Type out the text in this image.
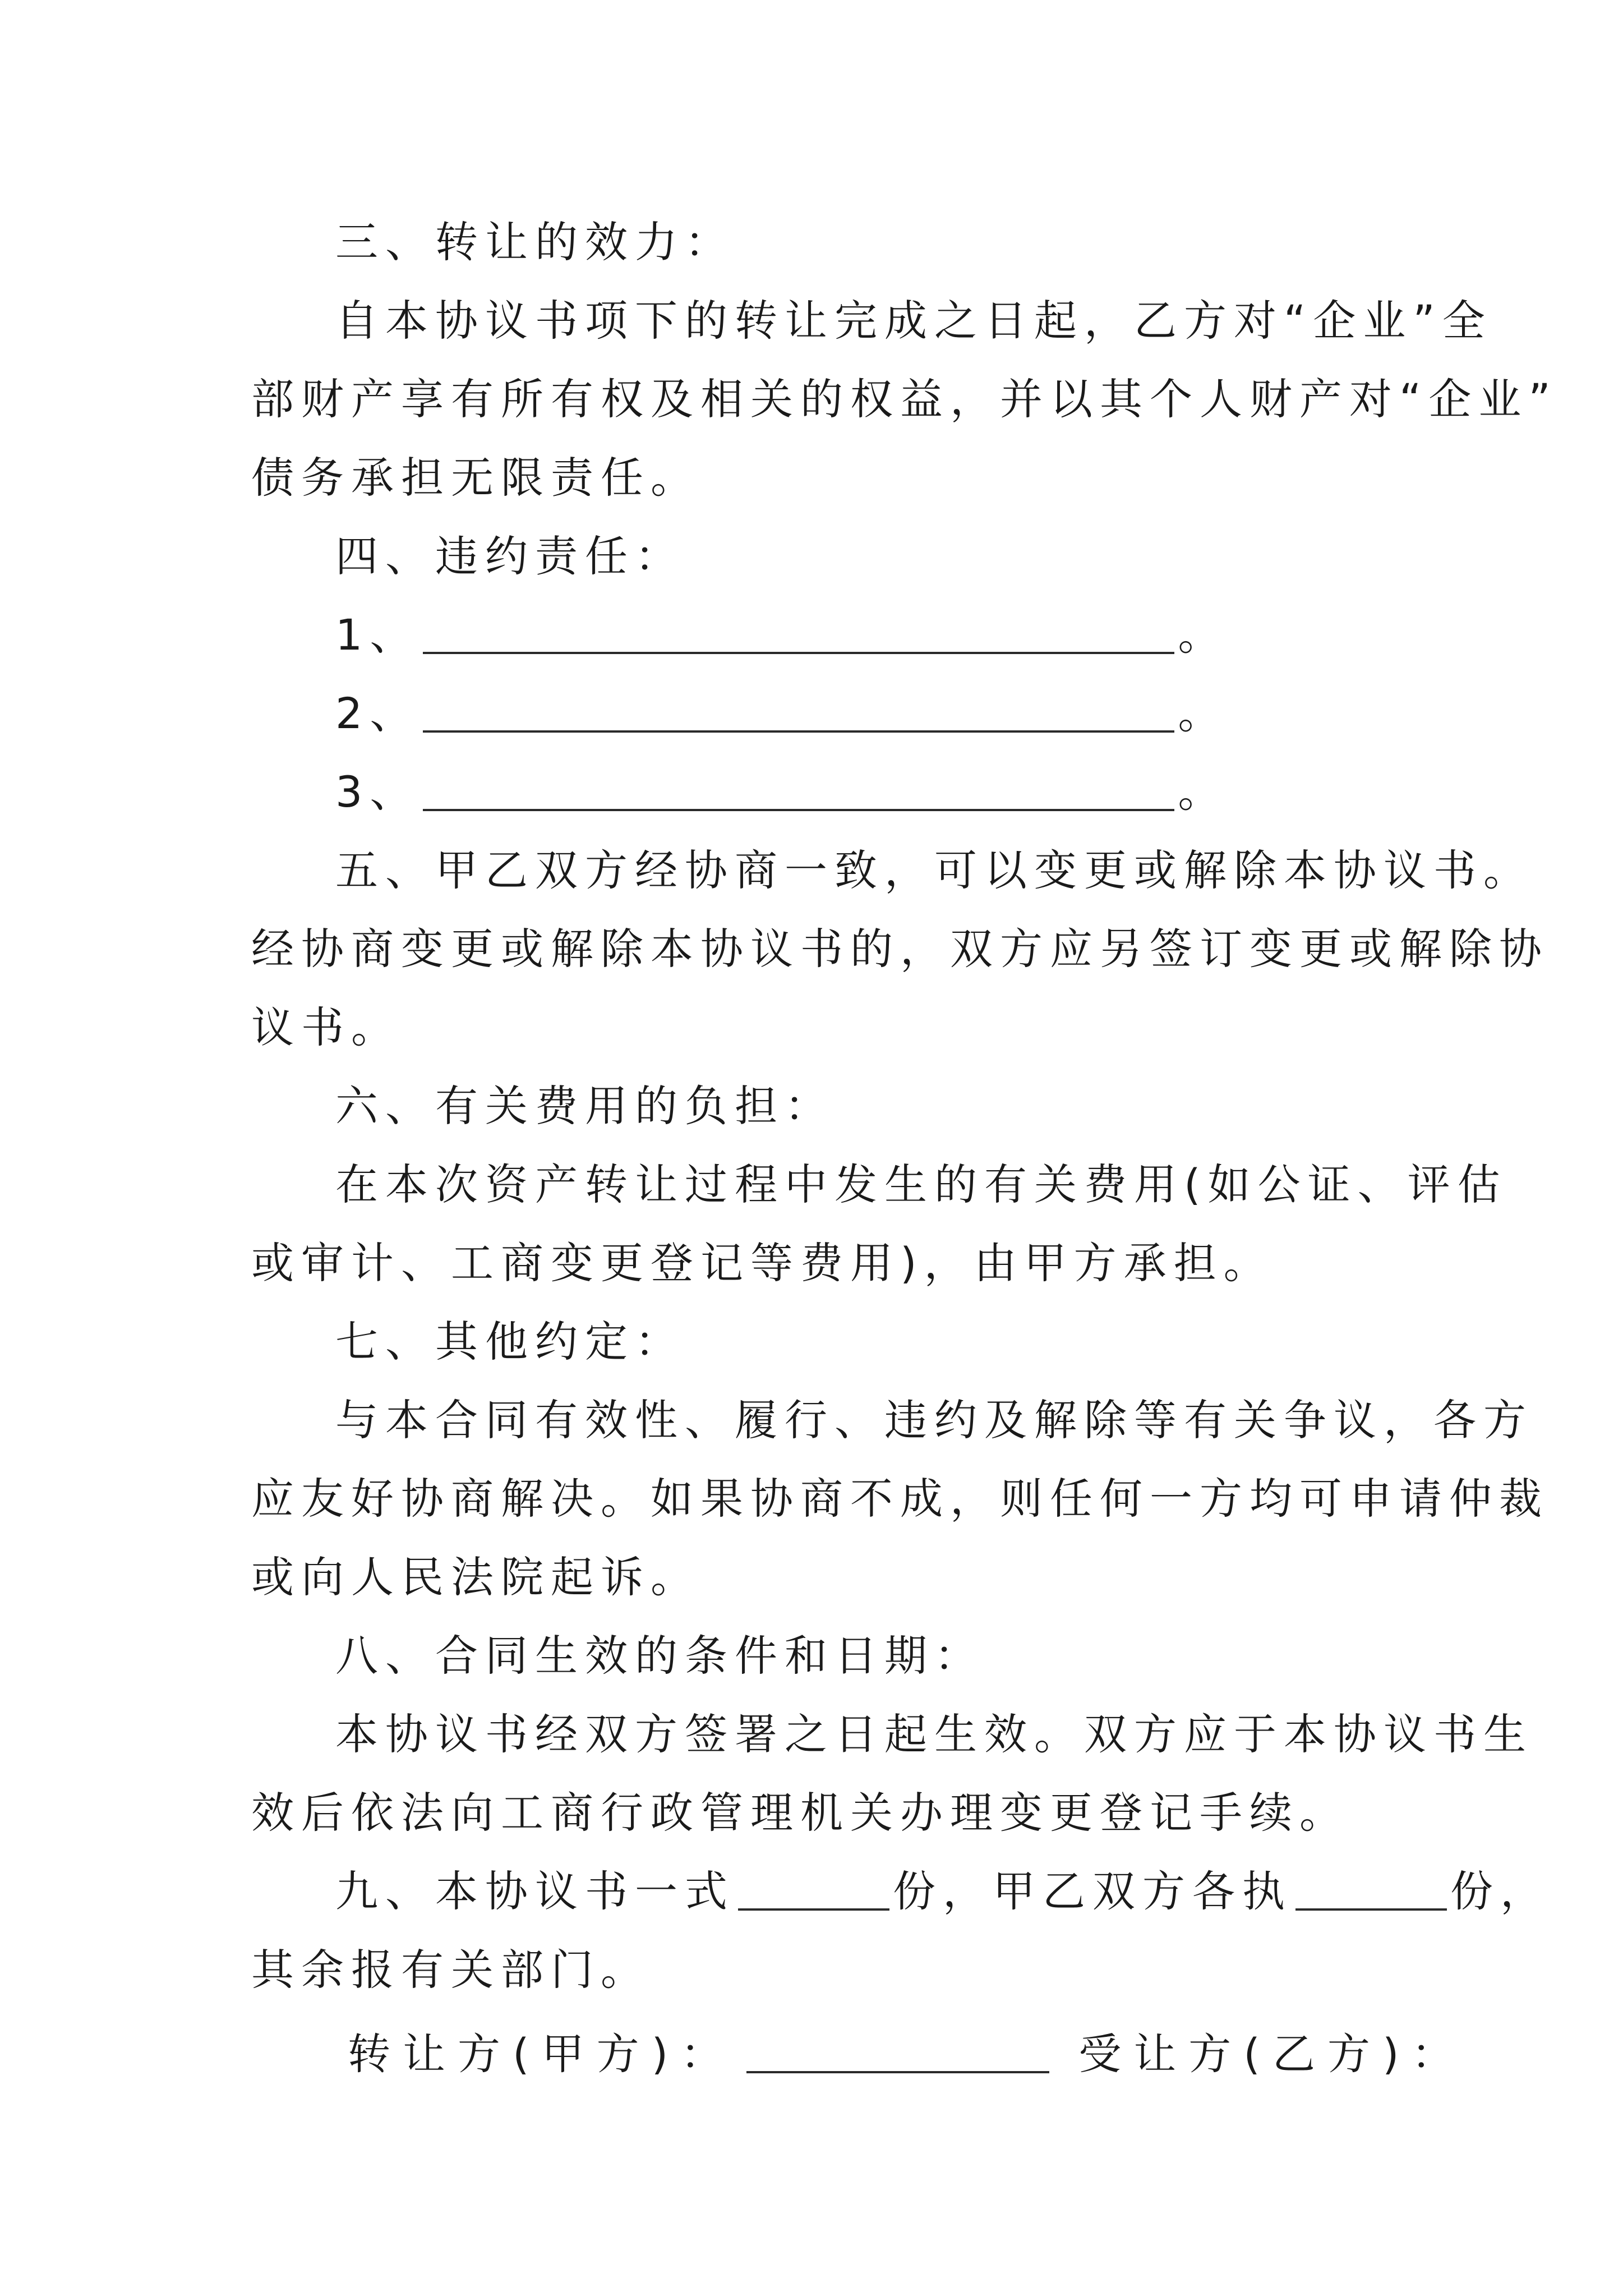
三、转让的效力：

自本协议书项下的转让完成之日起，乙方对“企业”全

部财产享有所有权及相关的权益，并以其个人财产对“企业”

债务承担无限责任。

四、违约责任：

1、	。

2、	。

3、	。

五、甲乙双方经协商一致，可以变更或解除本协议书。

经协商变更或解除本协议书的，双方应另签订变更或解除协

议书。

六、有关费用的负担：

在本次资产转让过程中发生的有关费用(如公证、评估

或审计、工商变更登记等费用)，由甲方承担。

七、其他约定：

与本合同有效性、履行、违约及解除等有关争议，各方

应友好协商解决。如果协商不成，则任何一方均可申请仲裁

或向人民法院起诉。

八、合同生效的条件和日期：

本协议书经双方签署之日起生效。双方应于本协议书生

效后依法向工商行政管理机关办理变更登记手续。

九、本协议书一式	份，甲乙双方各执	份，

其余报有关部门。

转让方(甲方)：	受让方(乙方)：
